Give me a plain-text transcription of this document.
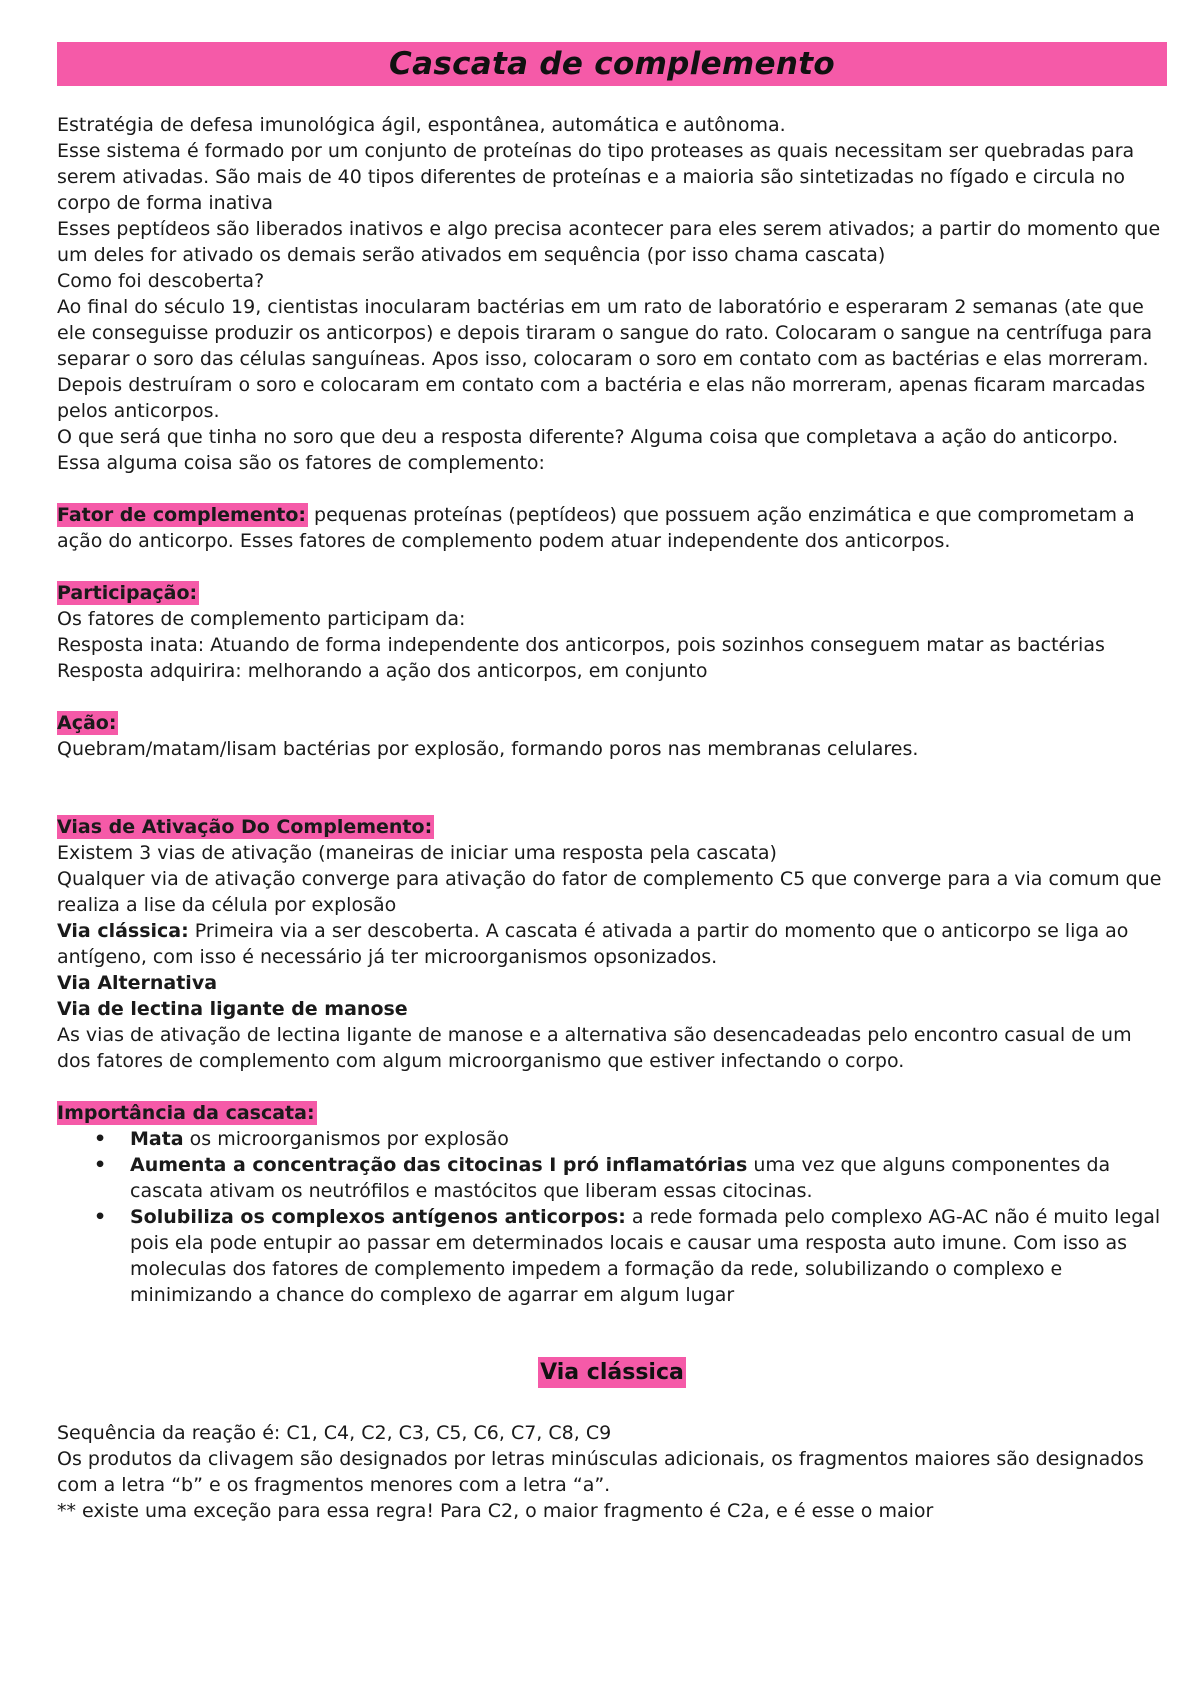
Cascata de complemento

Estratégia de defesa imunológica ágil, espontânea, automática e autônoma.

Esse sistema é formado por um conjunto de proteínas do tipo proteases as quais necessitam ser quebradas para serem ativadas. São mais de 40 tipos diferentes de proteínas e a maioria são sintetizadas no fígado e circula no corpo de forma inativa

Esses peptídeos são liberados inativos e algo precisa acontecer para eles serem ativados; a partir do momento que um deles for ativado os demais serão ativados em sequência (por isso chama cascata)

Como foi descoberta?

Ao final do século 19, cientistas inocularam bactérias em um rato de laboratório e esperaram 2 semanas (ate que ele conseguisse produzir os anticorpos) e depois tiraram o sangue do rato. Colocaram o sangue na centrífuga para separar o soro das células sanguíneas. Apos isso, colocaram o soro em contato com as bactérias e elas morreram. Depois destruíram o soro e colocaram em contato com a bactéria e elas não morreram, apenas ficaram marcadas pelos anticorpos.

O que será que tinha no soro que deu a resposta diferente? Alguma coisa que completava a ação do anticorpo. Essa alguma coisa são os fatores de complemento:

Fator de complemento: pequenas proteínas (peptídeos) que possuem ação enzimática e que comprometam a ação do anticorpo. Esses fatores de complemento podem atuar independente dos anticorpos.

Participação:

Os fatores de complemento participam da:

Resposta inata: Atuando de forma independente dos anticorpos, pois sozinhos conseguem matar as bactérias

Resposta adquirira: melhorando a ação dos anticorpos, em conjunto

Ação:

Quebram/matam/lisam bactérias por explosão, formando poros nas membranas celulares.

Vias de Ativação Do Complemento:

Existem 3 vias de ativação (maneiras de iniciar uma resposta pela cascata)

Qualquer via de ativação converge para ativação do fator de complemento C5 que converge para a via comum que realiza a lise da célula por explosão

Via clássica: Primeira via a ser descoberta. A cascata é ativada a partir do momento que o anticorpo se liga ao antígeno, com isso é necessário já ter microorganismos opsonizados.

Via Alternativa

Via de lectina ligante de manose

As vias de ativação de lectina ligante de manose e a alternativa são desencadeadas pelo encontro casual de um dos fatores de complemento com algum microorganismo que estiver infectando o corpo.

Importância da cascata:

• Mata os microorganismos por explosão
• Aumenta a concentração das citocinas I pró inflamatórias uma vez que alguns componentes da cascata ativam os neutrófilos e mastócitos que liberam essas citocinas.
• Solubiliza os complexos antígenos anticorpos: a rede formada pelo complexo AG-AC não é muito legal pois ela pode entupir ao passar em determinados locais e causar uma resposta auto imune. Com isso as moleculas dos fatores de complemento impedem a formação da rede, solubilizando o complexo e minimizando a chance do complexo de agarrar em algum lugar
Via clássica

Sequência da reação é: C1, C4, C2, C3, C5, C6, C7, C8, C9

Os produtos da clivagem são designados por letras minúsculas adicionais, os fragmentos maiores são designados com a letra “b” e os fragmentos menores com a letra “a”.

** existe uma exceção para essa regra! Para C2, o maior fragmento é C2a, e é esse o maior
